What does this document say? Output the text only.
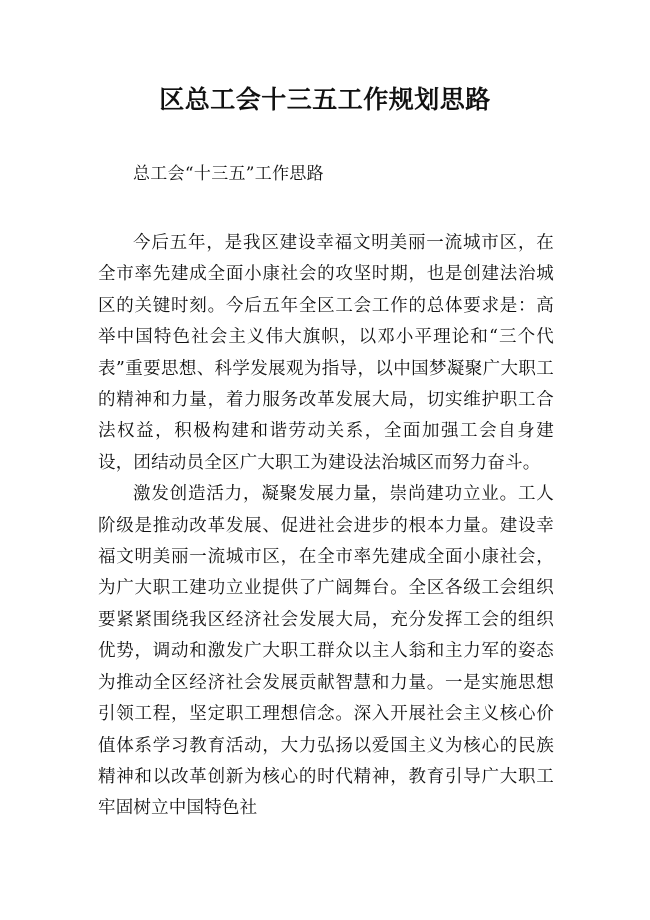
区总工会十三五工作规划思路

总工会“十三五”工作思路

今后五年，是我区建设幸福文明美丽一流城市区，在全市率先建成全面小康社会的攻坚时期，也是创建法治城区的关键时刻。今后五年全区工会工作的总体要求是：高举中国特色社会主义伟大旗帜，以邓小平理论和“三个代表”重要思想、科学发展观为指导，以中国梦凝聚广大职工的精神和力量，着力服务改革发展大局，切实维护职工合法权益，积极构建和谐劳动关系，全面加强工会自身建设，团结动员全区广大职工为建设法治城区而努力奋斗。

激发创造活力，凝聚发展力量，崇尚建功立业。工人阶级是推动改革发展、促进社会进步的根本力量。建设幸福文明美丽一流城市区，在全市率先建成全面小康社会，为广大职工建功立业提供了广阔舞台。全区各级工会组织要紧紧围绕我区经济社会发展大局，充分发挥工会的组织优势，调动和激发广大职工群众以主人翁和主力军的姿态为推动全区经济社会发展贡献智慧和力量。一是实施思想引领工程，坚定职工理想信念。深入开展社会主义核心价值体系学习教育活动，大力弘扬以爱国主义为核心的民族精神和以改革创新为核心的时代精神，教育引导广大职工牢固树立中国特色社
